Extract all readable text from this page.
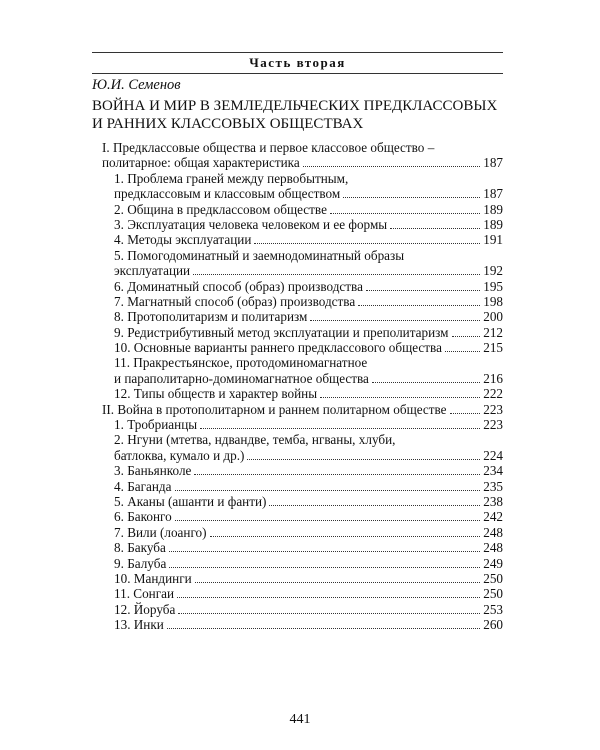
Часть вторая
Ю.И. Семенов
ВОЙНА И МИР В ЗЕМЛЕДЕЛЬЧЕСКИХ ПРЕДКЛАССОВЫХ
И РАННИХ КЛАССОВЫХ ОБЩЕСТВАХ
I. Предклассовые общества и первое классовое общество –
политарное: общая характеристика	187
1. Проблема граней между первобытным,
предклассовым и классовым обществом	187
2. Община в предклассовом обществе	189
3. Эксплуатация человека человеком и ее формы	189
4. Методы эксплуатации	191
5. Помогодоминатный и заемнодоминатный образы
эксплуатации	192
6. Доминатный способ (образ) производства	195
7. Магнатный способ (образ) производства	198
8. Протополитаризм и политаризм	200
9. Редистрибутивный метод эксплуатации и преполитаризм	212
10. Основные варианты раннего предклассового общества	215
11. Пракрестьянское, протодоминомагнатное
и параполитарно-доминомагнатное общества	216
12. Типы обществ и характер войны	222
II. Война в протополитарном и раннем политарном обществе	223
1. Тробрианцы	223
2. Нгуни (мтетва, ндвандве, темба, нгваны, хлуби,
батлоква, кумало и др.)	224
3. Баньянколе	234
4. Баганда	235
5. Аканы (ашанти и фанти)	238
6. Баконго	242
7. Вили (лоанго)	248
8. Бакуба	248
9. Балуба	249
10. Мандинги	250
11. Сонгаи	250
12. Йоруба	253
13. Инки	260
441
